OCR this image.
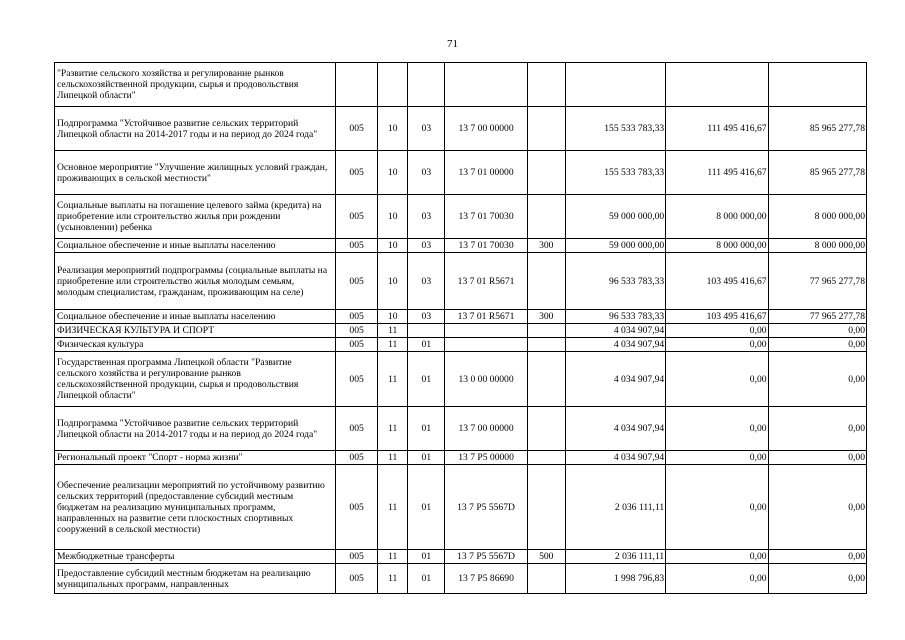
71
"Развитие сельского хозяйства и регулирование рынков сельскохозяйственной продукции, сырья и продовольствия Липецкой области"								
Подпрограмма "Устойчивое развитие сельских территорий Липецкой области на 2014-2017 годы и на период до 2024 года"	005	10	03	13 7 00 00000		155 533 783,33	111 495 416,67	85 965 277,78
Основное мероприятие "Улучшение жилищных условий граждан, проживающих в сельской местности"	005	10	03	13 7 01 00000		155 533 783,33	111 495 416,67	85 965 277,78
Социальные выплаты на погашение целевого займа (кредита) на приобретение или строительство жилья при рождении (усыновлении) ребенка	005	10	03	13 7 01 70030		59 000 000,00	8 000 000,00	8 000 000,00
Социальное обеспечение и иные выплаты населению	005	10	03	13 7 01 70030	300	59 000 000,00	8 000 000,00	8 000 000,00
Реализация мероприятий подпрограммы (социальные выплаты на приобретение или строительство жилья молодым семьям, молодым специалистам, гражданам, проживающим на селе)	005	10	03	13 7 01 R5671		96 533 783,33	103 495 416,67	77 965 277,78
Социальное обеспечение и иные выплаты населению	005	10	03	13 7 01 R5671	300	96 533 783,33	103 495 416,67	77 965 277,78
ФИЗИЧЕСКАЯ КУЛЬТУРА И СПОРТ	005	11				4 034 907,94	0,00	0,00
Физическая культура	005	11	01			4 034 907,94	0,00	0,00
Государственная программа Липецкой области "Развитие сельского хозяйства и регулирование рынков сельскохозяйственной продукции, сырья и продовольствия Липецкой области"	005	11	01	13 0 00 00000		4 034 907,94	0,00	0,00
Подпрограмма "Устойчивое развитие сельских территорий Липецкой области на 2014-2017 годы и на период до 2024 года"	005	11	01	13 7 00 00000		4 034 907,94	0,00	0,00
Региональный проект "Спорт - норма жизни"	005	11	01	13 7 P5 00000		4 034 907,94	0,00	0,00
Обеспечение реализации мероприятий по устойчивому развитию сельских территорий (предоставление субсидий местным бюджетам на реализацию муниципальных программ, направленных на развитие сети плоскостных спортивных сооружений в сельской местности)	005	11	01	13 7 P5 5567D		2 036 111,11	0,00	0,00
Межбюджетные трансферты	005	11	01	13 7 P5 5567D	500	2 036 111,11	0,00	0,00
Предоставление субсидий местным бюджетам на реализацию муниципальных программ, направленных	005	11	01	13 7 P5 86690		1 998 796,83	0,00	0,00
